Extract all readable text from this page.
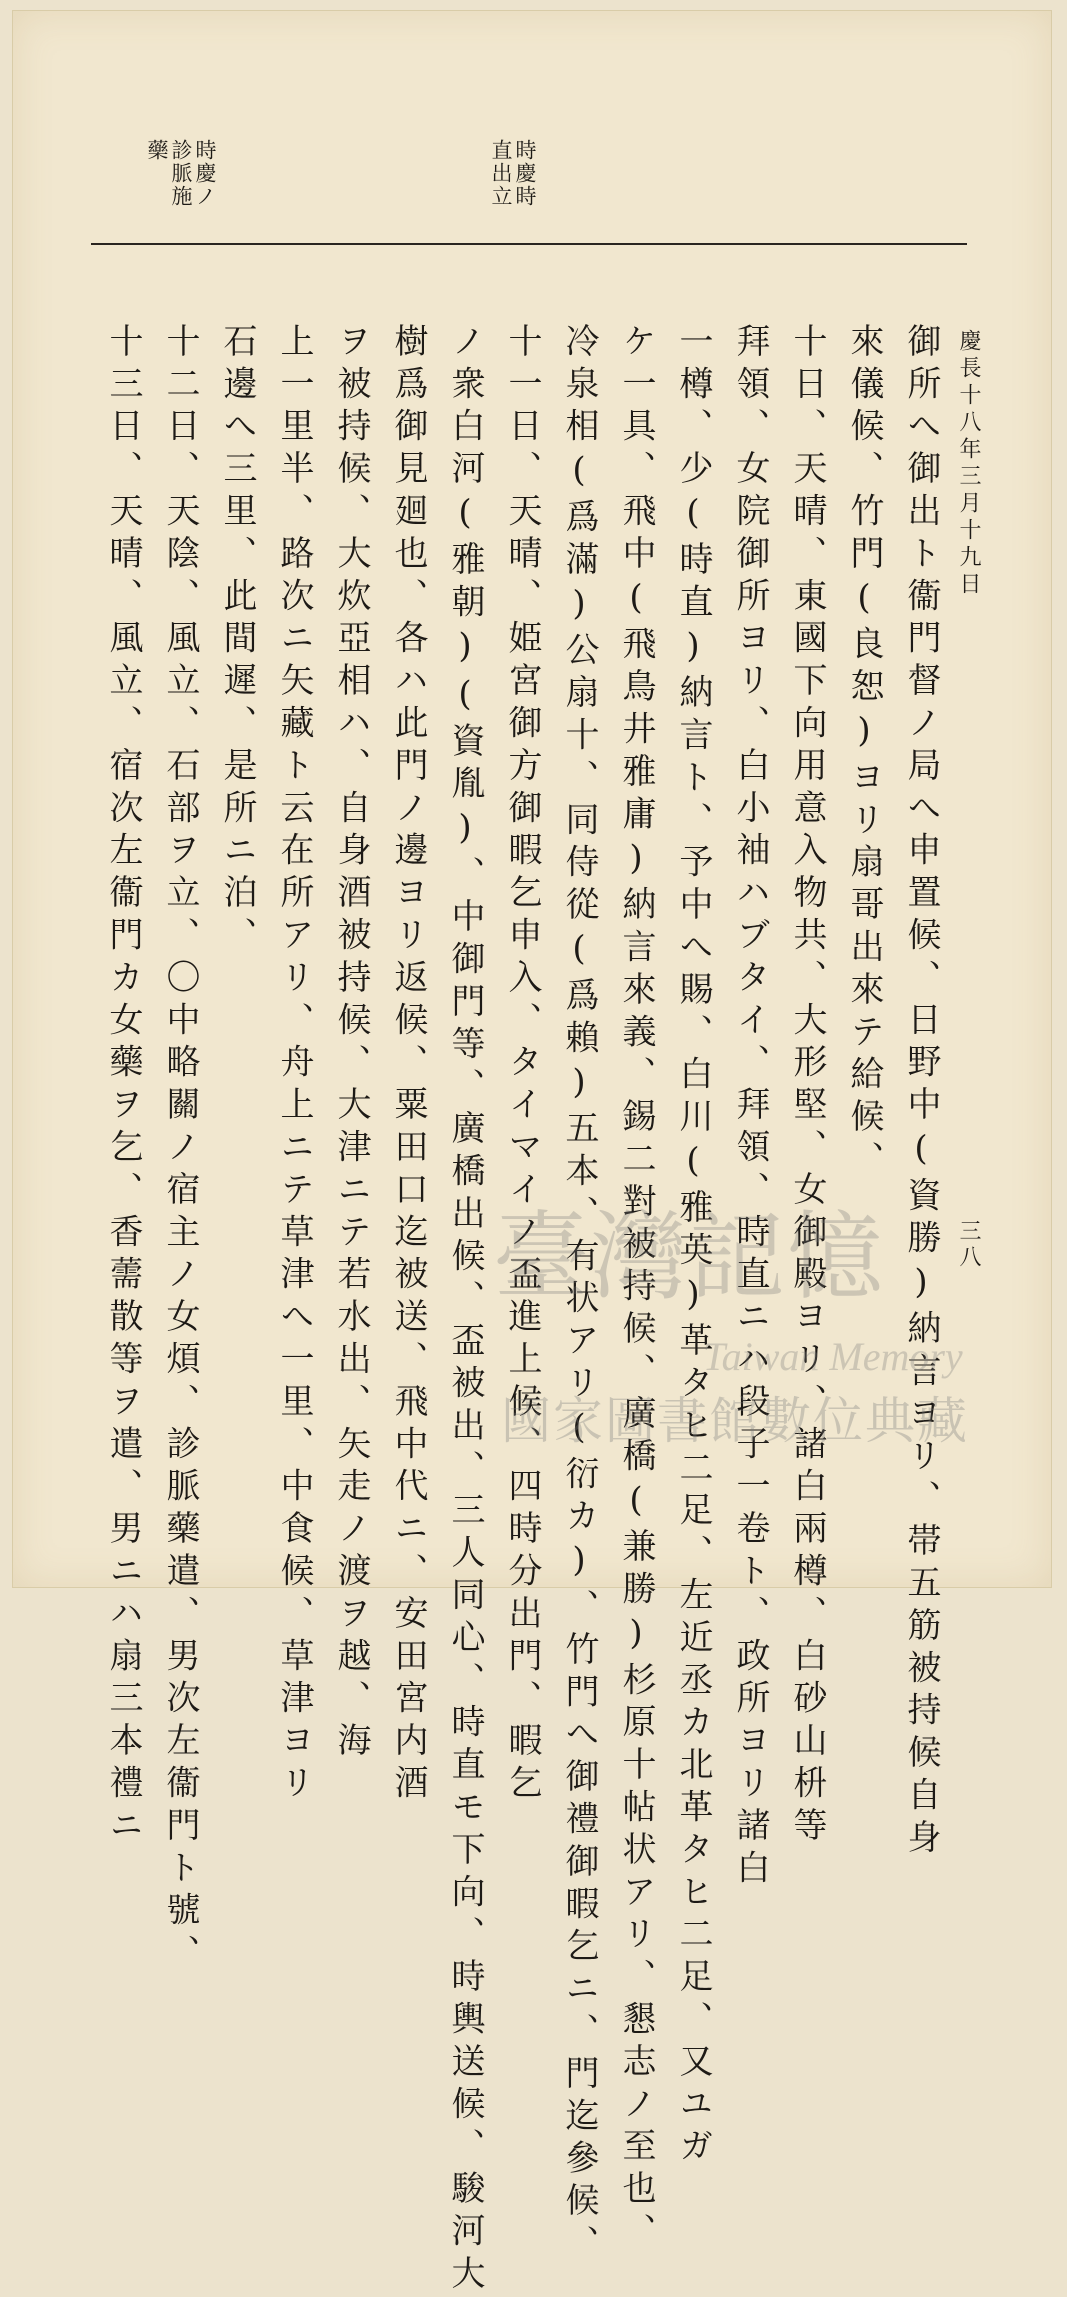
慶長十八年三月十九日
三八
時慶時直出立
時慶ノ診脈施藥
御所へ御出ト衞門督ノ局へ申置候、日野中(資勝)納言ヨリ、帯五筋被持候自身
來儀候、竹門(良恕)ヨリ扇哥出來テ給候、
十日、天晴、東國下向用意入物共、大形堅、女御殿ヨリ、諸白兩樽、白砂山枡等
拜領、女院御所ヨリ、白小袖ハブタイ、拜領、時直ニハ段子一卷ト、政所ヨリ諸白
一樽、少(時直)納言ト、予中へ賜、白川(雅英)革タヒ二足、左近丞カ北革タヒ二足、又ユガ
ケ一具、飛中(飛鳥井雅庸)納言來義、錫二對被持候、廣橋(兼勝)杉原十帖状アリ、懇志ノ至也、
冷泉相(爲滿)公扇十、同侍從(爲賴)五本、有状アリ(衍カ)、竹門へ御禮御暇乞ニ、門迄參候、
十一日、天晴、姫宮御方御暇乞申入、タイマイノ盃進上候、四時分出門、暇乞
ノ衆白河(雅朝)(資胤)、中御門等、廣橋出候、盃被出、三人同心、時直モ下向、時輿送候、駿河大
樹爲御見廻也、各ハ此門ノ邊ヨリ返候、粟田口迄被送、飛中代ニ、安田宮内酒
ヲ被持候、大炊亞相ハ、自身酒被持候、大津ニテ若水出、矢走ノ渡ヲ越、海
上一里半、路次ニ矢藏ト云在所アリ、舟上ニテ草津へ一里、中食候、草津ヨリ
石邊へ三里、此間遲、是所ニ泊、
十二日、天陰、風立、石部ヲ立、〇中略關ノ宿主ノ女煩、診脈藥遣、男次左衞門ト號、
十三日、天晴、風立、宿次左衞門カ女藥ヲ乞、香薷散等ヲ遣、男ニハ扇三本禮ニ	臺灣記憶
Taiwan Memory
國家圖書館數位典藏
